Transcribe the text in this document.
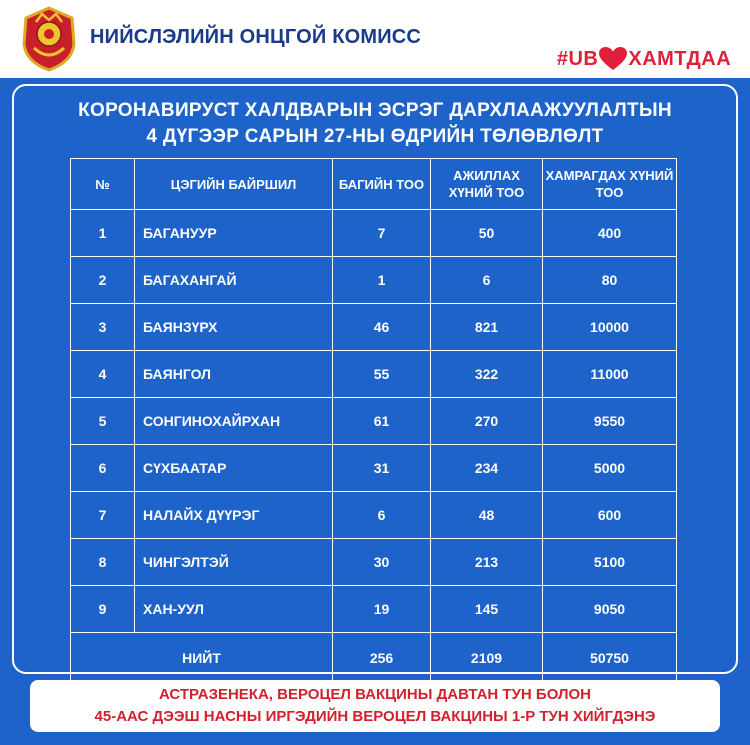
НИЙСЛЭЛИЙН ОНЦГОЙ КОМИСС
#UB ХАМТДАА
КОРОНАВИРУСТ ХАЛДВАРЫН ЭСРЭГ ДАРХЛААЖУУЛАЛТЫН
4 ДҮГЭЭР САРЫН 27-НЫ ӨДРИЙН ТӨЛӨВЛӨЛТ
№	ЦЭГИЙН БАЙРШИЛ	БАГИЙН ТОО	АЖИЛЛАХ ХҮНИЙ ТОО	ХАМРАГДАХ ХҮНИЙ ТОО
1	БАГАНУУР	7	50	400
2	БАГАХАНГАЙ	1	6	80
3	БАЯНЗҮРХ	46	821	10000
4	БАЯНГОЛ	55	322	11000
5	СОНГИНОХАЙРХАН	61	270	9550
6	СҮХБААТАР	31	234	5000
7	НАЛАЙХ ДҮҮРЭГ	6	48	600
8	ЧИНГЭЛТЭЙ	30	213	5100
9	ХАН-УУЛ	19	145	9050
НИЙТ		256	2109	50750
АСТРАЗЕНЕКА, ВЕРОЦЕЛ ВАКЦИНЫ ДАВТАН ТУН БОЛОН
45-ААС ДЭЭШ НАСНЫ ИРГЭДИЙН ВЕРОЦЕЛ ВАКЦИНЫ 1-Р ТУН ХИЙГДЭНЭ
